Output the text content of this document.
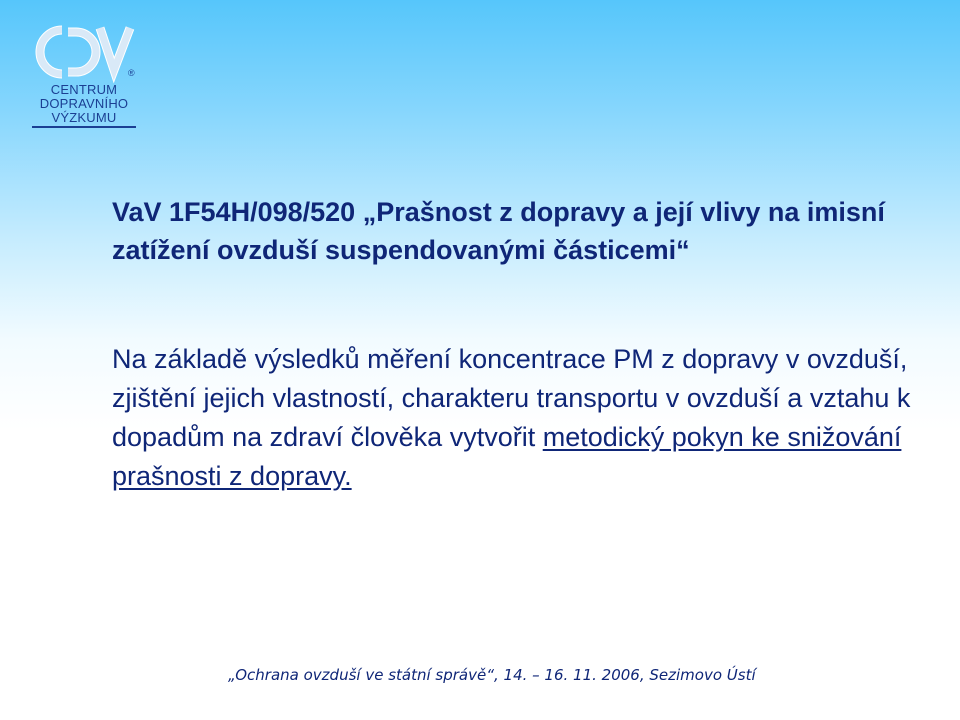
®
CENTRUM
DOPRAVNÍHO
VÝZKUMU

VaV 1F54H/098/520 „Prašnost z dopravy a její vlivy na imisní zatížení ovzduší suspendovanými částicemi“

Na základě výsledků měření koncentrace PM z dopravy v ovzduší, zjištění jejich vlastností, charakteru transportu v ovzduší a vztahu k dopadům na zdraví člověka vytvořit metodický pokyn ke snižování prašnosti z dopravy.

„Ochrana ovzduší ve státní správě“, 14. – 16. 11. 2006, Sezimovo Ústí
